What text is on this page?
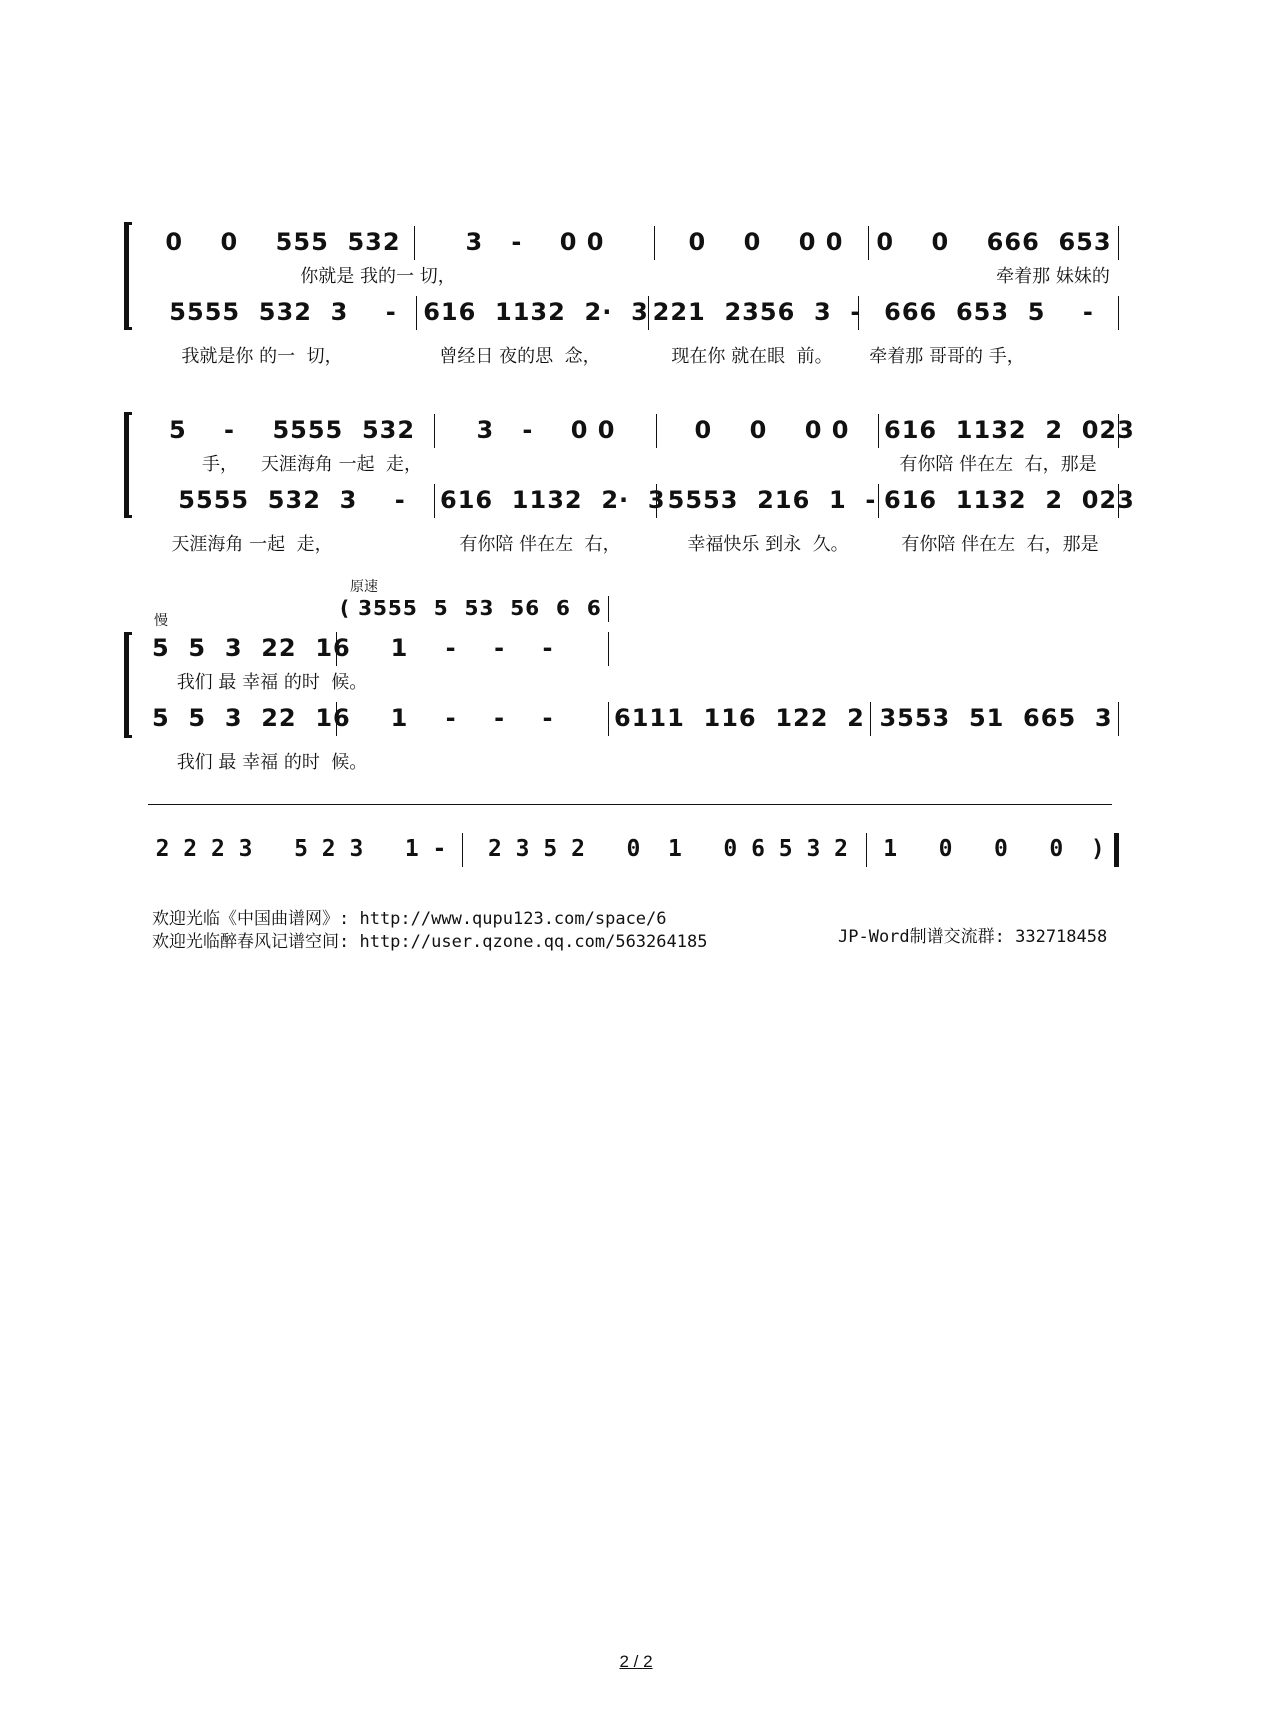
0    0    555  532	3   -    0 0	0    0    0 0 0    0    666  653
你就是 我的一 切，	牵着那 妹妹的
5555  532  3    - 616  1132  2·  3 221  2356  3  - 666  653  5    -
我就是你 的一  切，	曾经日 夜的思  念，	现在你 就在眼  前。 牵着那 哥哥的 手，
5    -    5555  532	3   -    0 0	0    0    0 0 616  1132  2  023
手，    天涯海角 一起  走，	有你陪 伴在左  右，那是
5555  532  3    - 616  1132  2·  3 5553  216  1  - 616  1132  2  023
天涯海角 一起  走，	有你陪 伴在左  右，	幸福快乐 到永  久。	有你陪 伴在左  右，那是
原速
( 3555  5  53  56  6  6
慢
5  5  3  22  16 1    -    -    -
我们 最 幸福 的时  候。
5  5  3  22  16 1    -    -    -	6111  116  122  2 3553  51  665  3
我们 最 幸福 的时  候。
2 2 2 3   5 2 3   1 - 2 3 5 2   0  1   0 6 5 3 2 1   0   0   0  )
欢迎光临《中国曲谱网》: http://www.qupu123.com/space/6
欢迎光临醉春风记谱空间: http://user.qzone.qq.com/563264185	JP-Word制谱交流群: 332718458
2 / 2
